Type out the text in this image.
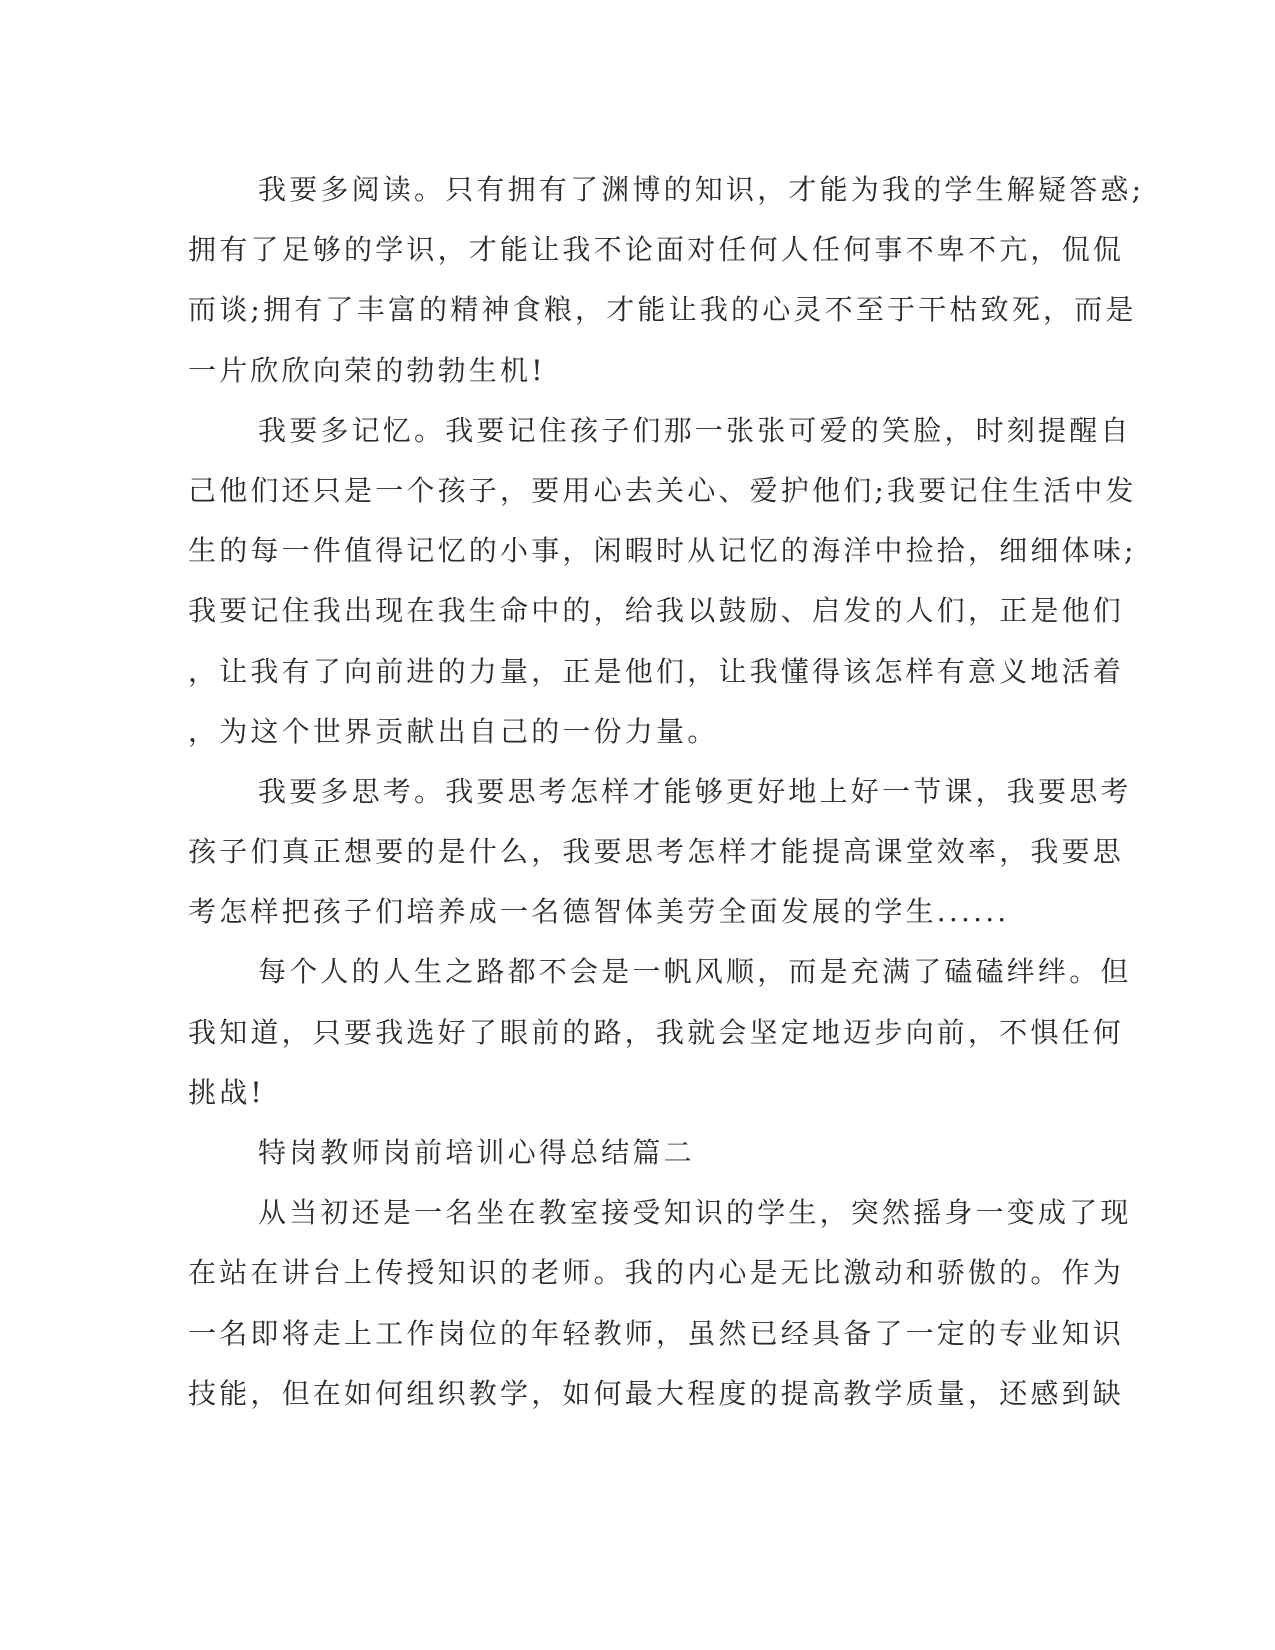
我要多阅读。只有拥有了渊博的知识，才能为我的学生解疑答惑;
拥有了足够的学识，才能让我不论面对任何人任何事不卑不亢，侃侃
而谈;拥有了丰富的精神食粮，才能让我的心灵不至于干枯致死，而是
一片欣欣向荣的勃勃生机!
我要多记忆。我要记住孩子们那一张张可爱的笑脸，时刻提醒自
己他们还只是一个孩子，要用心去关心、爱护他们;我要记住生活中发
生的每一件值得记忆的小事，闲暇时从记忆的海洋中捡拾，细细体味;
我要记住我出现在我生命中的，给我以鼓励、启发的人们，正是他们
，让我有了向前进的力量，正是他们，让我懂得该怎样有意义地活着
，为这个世界贡献出自己的一份力量。
我要多思考。我要思考怎样才能够更好地上好一节课，我要思考
孩子们真正想要的是什么，我要思考怎样才能提高课堂效率，我要思
考怎样把孩子们培养成一名德智体美劳全面发展的学生......
每个人的人生之路都不会是一帆风顺，而是充满了磕磕绊绊。但
我知道，只要我选好了眼前的路，我就会坚定地迈步向前，不惧任何
挑战!
特岗教师岗前培训心得总结篇二
从当初还是一名坐在教室接受知识的学生，突然摇身一变成了现
在站在讲台上传授知识的老师。我的内心是无比激动和骄傲的。作为
一名即将走上工作岗位的年轻教师，虽然已经具备了一定的专业知识
技能，但在如何组织教学，如何最大程度的提高教学质量，还感到缺
